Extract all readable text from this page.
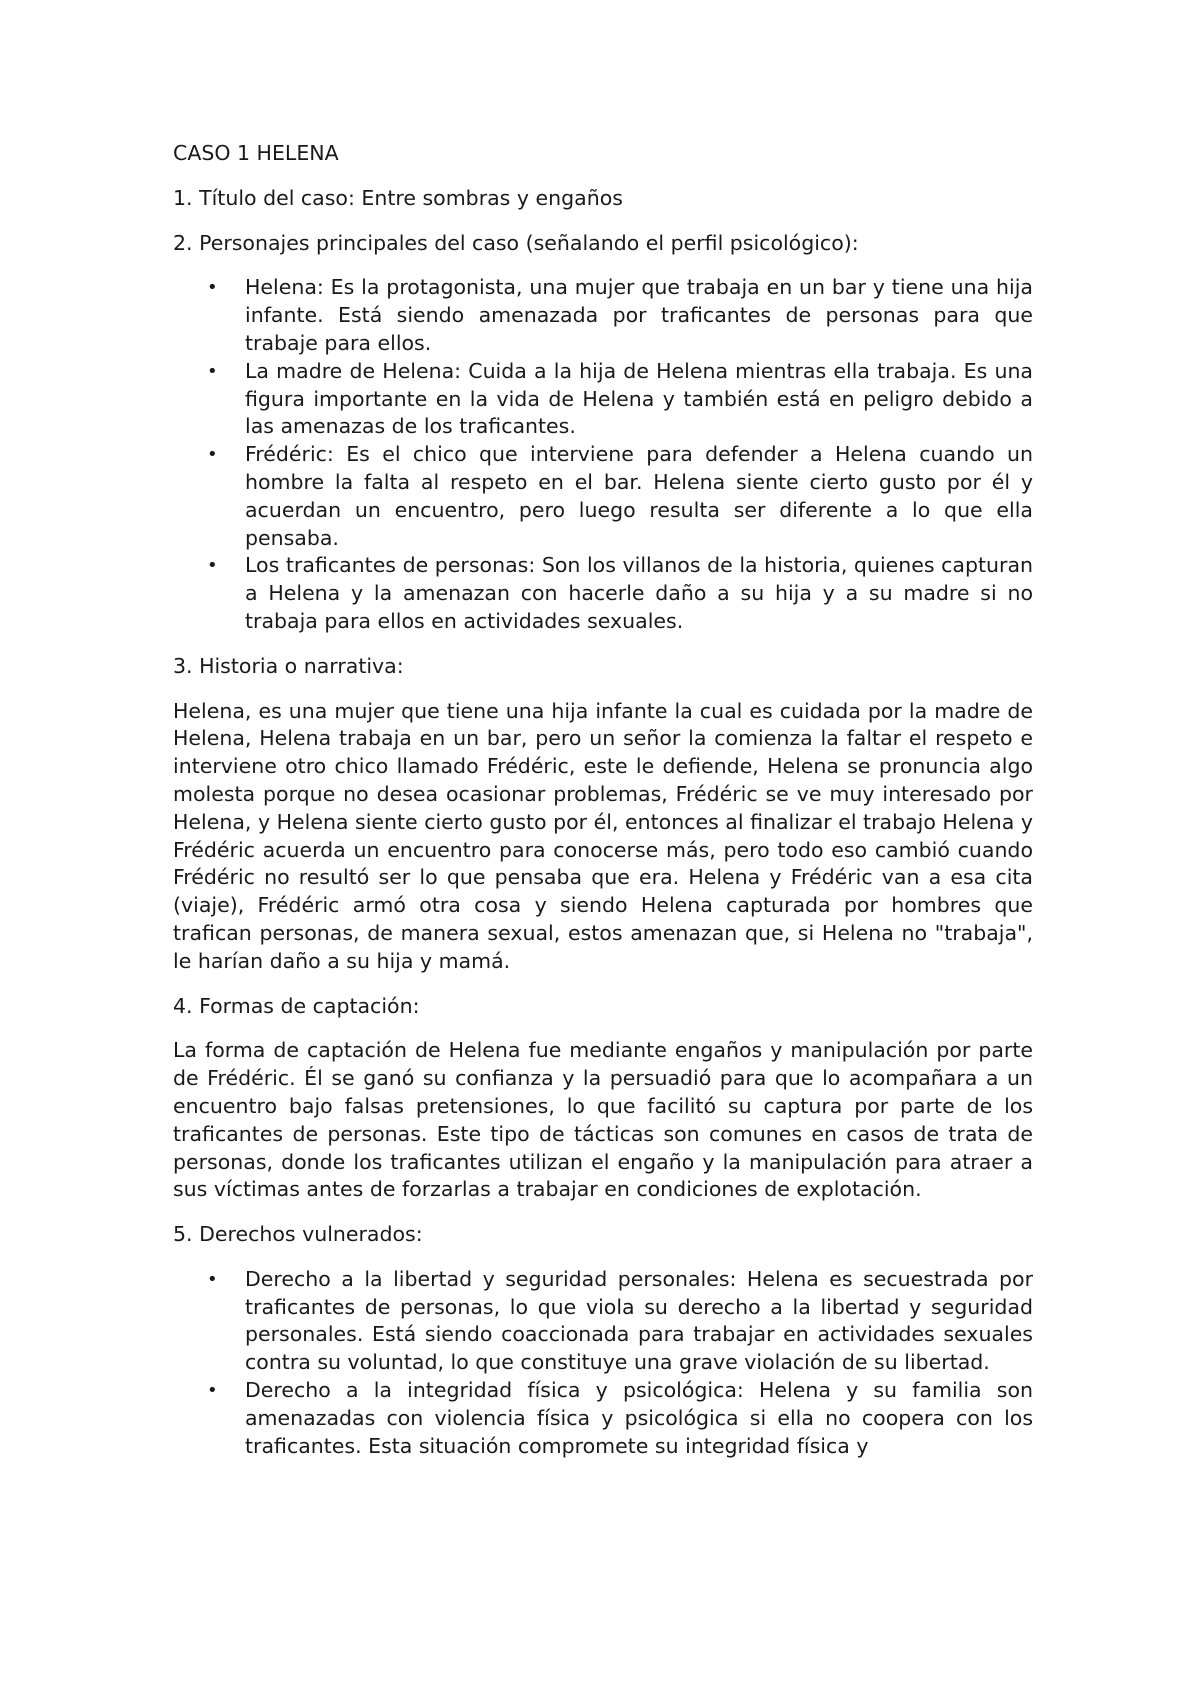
CASO 1 HELENA

1. Título del caso: Entre sombras y engaños

2. Personajes principales del caso (señalando el perfil psicológico):

• Helena: Es la protagonista, una mujer que trabaja en un bar y tiene una hija infante. Está siendo amenazada por traficantes de personas para que trabaje para ellos.
• La madre de Helena: Cuida a la hija de Helena mientras ella trabaja. Es una figura importante en la vida de Helena y también está en peligro debido a las amenazas de los traficantes.
• Frédéric: Es el chico que interviene para defender a Helena cuando un hombre la falta al respeto en el bar. Helena siente cierto gusto por él y acuerdan un encuentro, pero luego resulta ser diferente a lo que ella pensaba.
• Los traficantes de personas: Son los villanos de la historia, quienes capturan a Helena y la amenazan con hacerle daño a su hija y a su madre si no trabaja para ellos en actividades sexuales.

3. Historia o narrativa:

Helena, es una mujer que tiene una hija infante la cual es cuidada por la madre de Helena, Helena trabaja en un bar, pero un señor la comienza la faltar el respeto e interviene otro chico llamado Frédéric, este le defiende, Helena se pronuncia algo molesta porque no desea ocasionar problemas, Frédéric se ve muy interesado por Helena, y Helena siente cierto gusto por él, entonces al finalizar el trabajo Helena y Frédéric acuerda un encuentro para conocerse más, pero todo eso cambió cuando Frédéric no resultó ser lo que pensaba que era. Helena y Frédéric van a esa cita (viaje), Frédéric armó otra cosa y siendo Helena capturada por hombres que trafican personas, de manera sexual, estos amenazan que, si Helena no "trabaja", le harían daño a su hija y mamá.

4. Formas de captación:

La forma de captación de Helena fue mediante engaños y manipulación por parte de Frédéric. Él se ganó su confianza y la persuadió para que lo acompañara a un encuentro bajo falsas pretensiones, lo que facilitó su captura por parte de los traficantes de personas. Este tipo de tácticas son comunes en casos de trata de personas, donde los traficantes utilizan el engaño y la manipulación para atraer a sus víctimas antes de forzarlas a trabajar en condiciones de explotación.

5. Derechos vulnerados:

• Derecho a la libertad y seguridad personales: Helena es secuestrada por traficantes de personas, lo que viola su derecho a la libertad y seguridad personales. Está siendo coaccionada para trabajar en actividades sexuales contra su voluntad, lo que constituye una grave violación de su libertad.
• Derecho a la integridad física y psicológica: Helena y su familia son amenazadas con violencia física y psicológica si ella no coopera con los traficantes. Esta situación compromete su integridad física y
